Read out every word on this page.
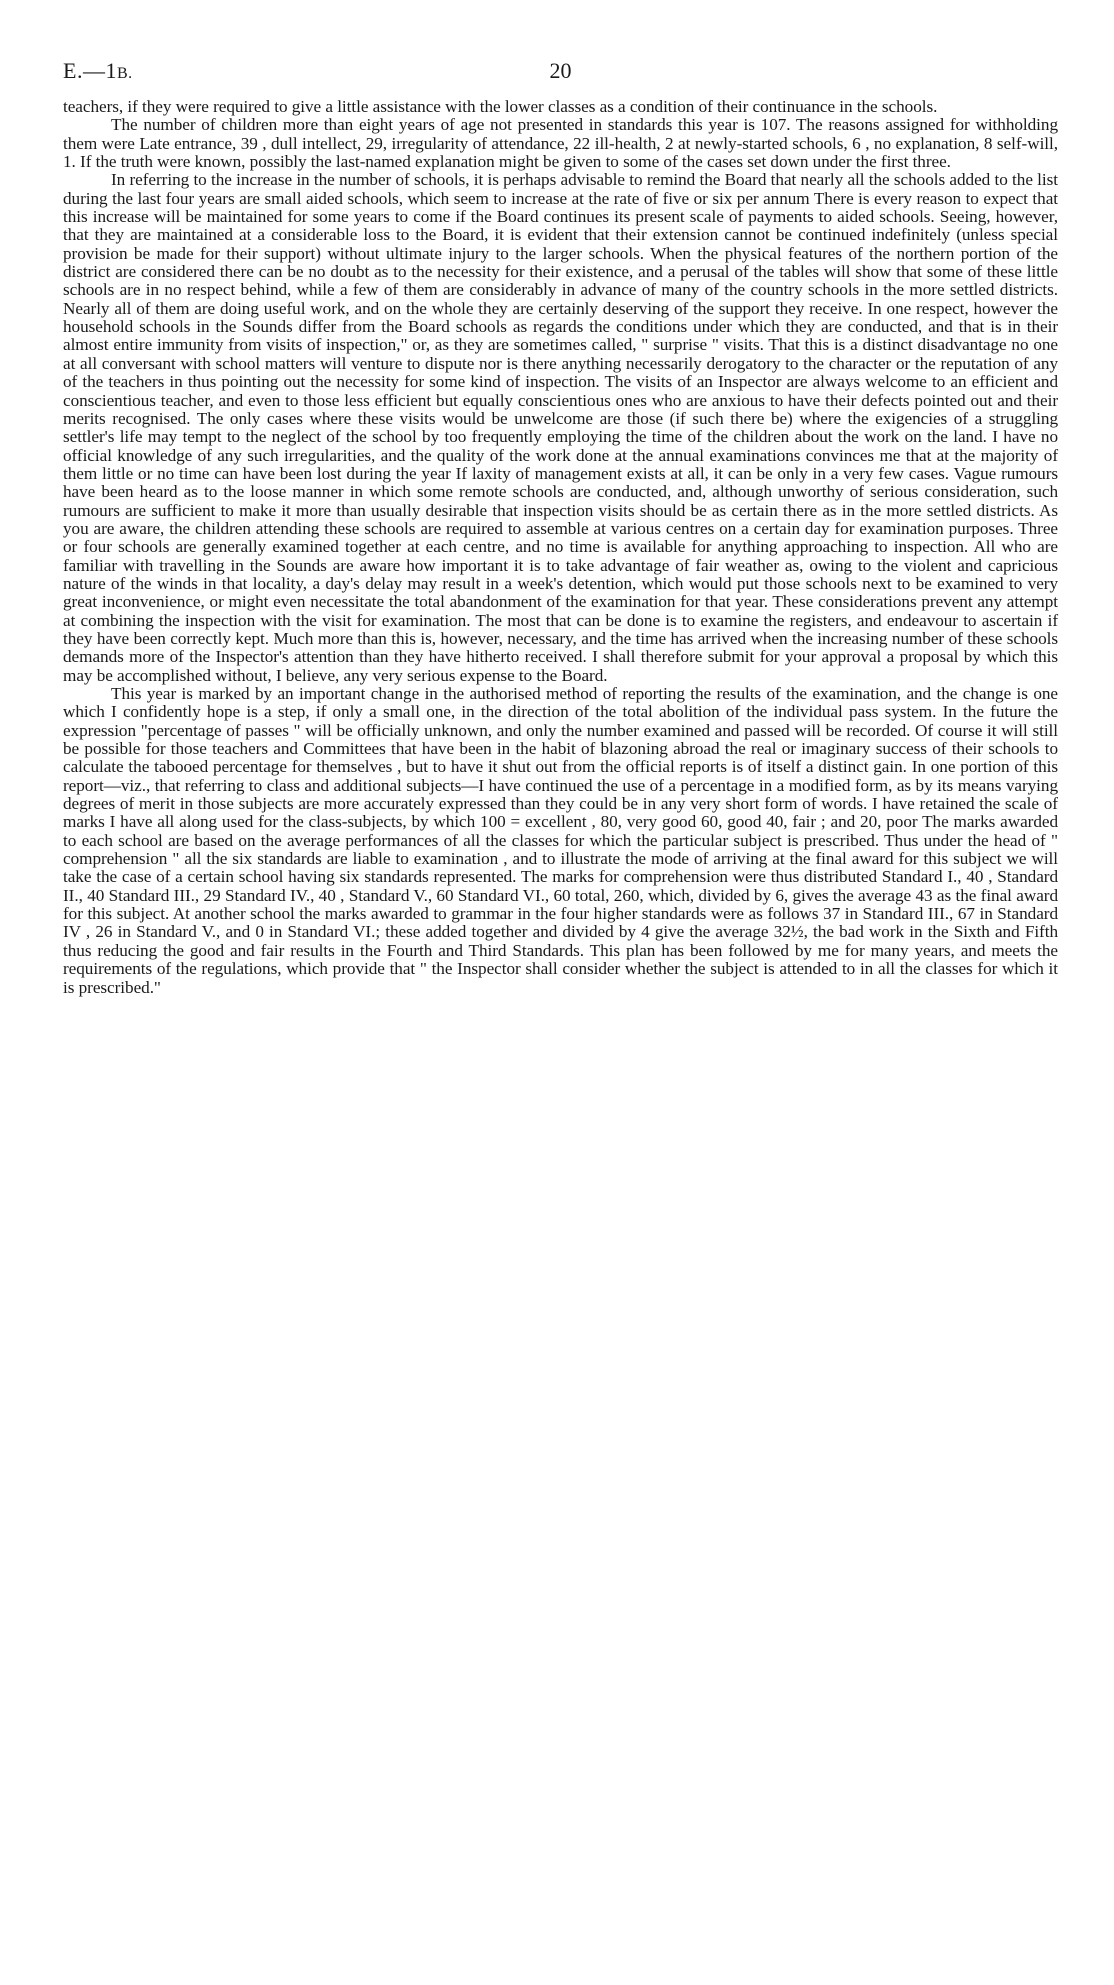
E.—1B.	20

teachers, if they were required to give a little assistance with the lower classes as a condition of their continuance in the schools.

The number of children more than eight years of age not presented in standards this year is 107. The reasons assigned for withholding them were Late entrance, 39 , dull intellect, 29, irregularity of attendance, 22 ill-health, 2 at newly-started schools, 6 , no explanation, 8 self-will, 1. If the truth were known, possibly the last-named explanation might be given to some of the cases set down under the first three.

In referring to the increase in the number of schools, it is perhaps advisable to remind the Board that nearly all the schools added to the list during the last four years are small aided schools, which seem to increase at the rate of five or six per annum There is every reason to expect that this increase will be maintained for some years to come if the Board continues its present scale of payments to aided schools. Seeing, however, that they are maintained at a considerable loss to the Board, it is evident that their extension cannot be continued indefinitely (unless special provision be made for their support) without ultimate injury to the larger schools. When the physical features of the northern portion of the district are considered there can be no doubt as to the necessity for their existence, and a perusal of the tables will show that some of these little schools are in no respect behind, while a few of them are considerably in advance of many of the country schools in the more settled districts. Nearly all of them are doing useful work, and on the whole they are certainly deserving of the support they receive. In one respect, however the household schools in the Sounds differ from the Board schools as regards the conditions under which they are conducted, and that is in their almost entire immunity from visits of inspection," or, as they are sometimes called, " surprise " visits. That this is a distinct disadvantage no one at all conversant with school matters will venture to dispute nor is there anything necessarily derogatory to the character or the reputation of any of the teachers in thus pointing out the necessity for some kind of inspection. The visits of an Inspector are always welcome to an efficient and conscientious teacher, and even to those less efficient but equally conscientious ones who are anxious to have their defects pointed out and their merits recognised. The only cases where these visits would be unwelcome are those (if such there be) where the exigencies of a struggling settler's life may tempt to the neglect of the school by too frequently employing the time of the children about the work on the land. I have no official knowledge of any such irregularities, and the quality of the work done at the annual examinations convinces me that at the majority of them little or no time can have been lost during the year If laxity of management exists at all, it can be only in a very few cases. Vague rumours have been heard as to the loose manner in which some remote schools are conducted, and, although unworthy of serious consideration, such rumours are sufficient to make it more than usually desirable that inspection visits should be as certain there as in the more settled districts. As you are aware, the children attending these schools are required to assemble at various centres on a certain day for examination purposes. Three or four schools are generally examined together at each centre, and no time is available for anything approaching to inspection. All who are familiar with travelling in the Sounds are aware how important it is to take advantage of fair weather as, owing to the violent and capricious nature of the winds in that locality, a day's delay may result in a week's detention, which would put those schools next to be examined to very great inconvenience, or might even necessitate the total abandonment of the examination for that year. These considerations prevent any attempt at combining the inspection with the visit for examination. The most that can be done is to examine the registers, and endeavour to ascertain if they have been correctly kept. Much more than this is, however, necessary, and the time has arrived when the increasing number of these schools demands more of the Inspector's attention than they have hitherto received. I shall therefore submit for your approval a proposal by which this may be accomplished without, I believe, any very serious expense to the Board.

This year is marked by an important change in the authorised method of reporting the results of the examination, and the change is one which I confidently hope is a step, if only a small one, in the direction of the total abolition of the individual pass system. In the future the expression "percentage of passes " will be officially unknown, and only the number examined and passed will be recorded. Of course it will still be possible for those teachers and Committees that have been in the habit of blazoning abroad the real or imaginary success of their schools to calculate the tabooed percentage for themselves , but to have it shut out from the official reports is of itself a distinct gain. In one portion of this report—viz., that referring to class and additional subjects—I have continued the use of a percentage in a modified form, as by its means varying degrees of merit in those subjects are more accurately expressed than they could be in any very short form of words. I have retained the scale of marks I have all along used for the class-subjects, by which 100 = excellent , 80, very good 60, good 40, fair ; and 20, poor The marks awarded to each school are based on the average performances of all the classes for which the particular subject is prescribed. Thus under the head of " comprehension " all the six standards are liable to examination , and to illustrate the mode of arriving at the final award for this subject we will take the case of a certain school having six standards represented. The marks for comprehension were thus distributed Standard I., 40 , Standard II., 40 Standard III., 29 Standard IV., 40 , Standard V., 60 Standard VI., 60 total, 260, which, divided by 6, gives the average 43 as the final award for this subject. At another school the marks awarded to grammar in the four higher standards were as follows 37 in Standard III., 67 in Standard IV , 26 in Standard V., and 0 in Standard VI.; these added together and divided by 4 give the average 32½, the bad work in the Sixth and Fifth thus reducing the good and fair results in the Fourth and Third Standards. This plan has been followed by me for many years, and meets the requirements of the regulations, which provide that " the Inspector shall consider whether the subject is attended to in all the classes for which it is prescribed."
